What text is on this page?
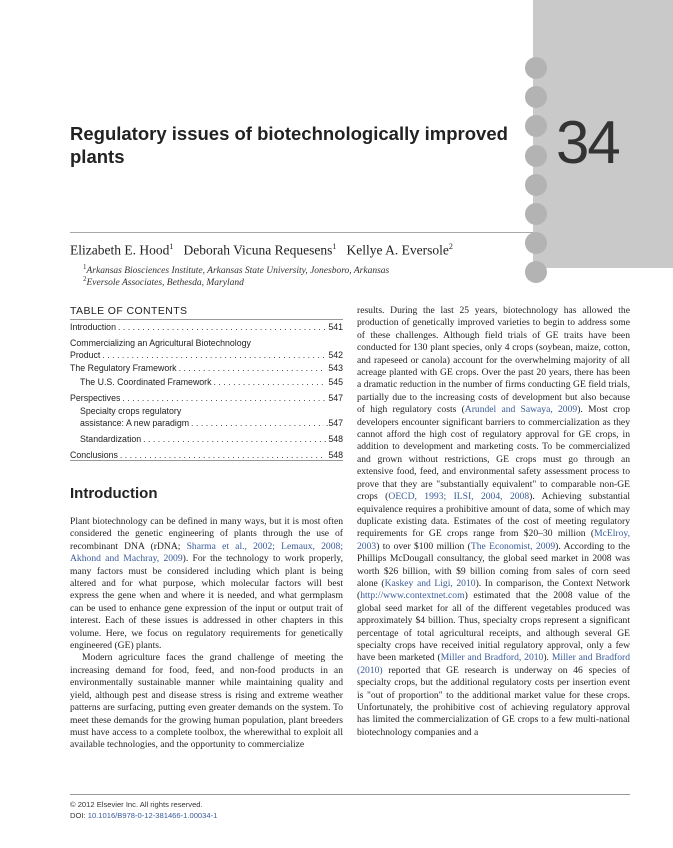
34
Regulatory issues of biotechnologically improved plants
Elizabeth E. Hood$^1$ Deborah Vicuna Requesens$^1$ Kellye A. Eversole$^2$
$^1$Arkansas Biosciences Institute, Arkansas State University, Jonesboro, Arkansas
$^2$Eversole Associates, Bethesda, Maryland
TABLE OF CONTENTS
Introduction . . .	541
Commercializing an Agricultural Biotechnology
Product . . .	542
The Regulatory Framework . . .	543
The U.S. Coordinated Framework . . .	545
Perspectives . . .	547
Specialty crops regulatory
assistance: A new paradigm . . .	.547
Standardization . . .	548
Conclusions . . .	548
Introduction

Plant biotechnology can be defined in many ways, but it is most often considered the genetic engineering of plants through the use of recombinant DNA (rDNA; Sharma et al., 2002; Lemaux, 2008; Akhond and Machray, 2009). For the technology to work properly, many factors must be considered including which plant is being altered and for what purpose, which molecular factors will best express the gene when and where it is needed, and what germplasm can be used to enhance gene expression of the input or output trait of interest. Each of these issues is addressed in other chapters in this volume. Here, we focus on regulatory requirements for genetically engineered (GE) plants.

Modern agriculture faces the grand challenge of meeting the increasing demand for food, feed, and non-food products in an environmentally sustainable manner while maintaining quality and yield, although pest and disease stress is rising and extreme weather patterns are surfacing, putting even greater demands on the system. To meet these demands for the growing human population, plant breeders must have access to a complete toolbox, the wherewithal to exploit all available technologies, and the opportunity to commercialize

results. During the last 25 years, biotechnology has allowed the production of genetically improved varieties to begin to address some of these challenges. Although field trials of GE traits have been conducted for 130 plant species, only 4 crops (soybean, maize, cotton, and rapeseed or canola) account for the overwhelming majority of all acreage planted with GE crops. Over the past 20 years, there has been a dramatic reduction in the number of firms conducting GE field trials, partially due to the increasing costs of development but also because of high regulatory costs (Arundel and Sawaya, 2009). Most crop developers encounter significant barriers to commercialization as they cannot afford the high cost of regulatory approval for GE crops, in addition to development and marketing costs. To be commercialized and grown without restrictions, GE crops must go through an extensive food, feed, and environmental safety assessment process to prove that they are "substantially equivalent" to comparable non-GE crops (OECD, 1993; ILSI, 2004, 2008). Achieving substantial equivalence requires a prohibitive amount of data, some of which may duplicate existing data. Estimates of the cost of meeting regulatory requirements for GE crops range from $20–30 million (McElroy, 2003) to over $100 million (The Economist, 2009). According to the Phillips McDougall consultancy, the global seed market in 2008 was worth $26 billion, with $9 billion coming from sales of corn seed alone (Kaskey and Ligi, 2010). In comparison, the Context Network (http://www.contextnet.com) estimated that the 2008 value of the global seed market for all of the different vegetables produced was approximately $4 billion. Thus, specialty crops represent a significant percentage of total agricultural receipts, and although several GE specialty crops have received initial regulatory approval, only a few have been marketed (Miller and Bradford, 2010). Miller and Bradford (2010) reported that GE research is underway on 46 species of specialty crops, but the additional regulatory costs per insertion event is "out of proportion" to the additional market value for these crops. Unfortunately, the prohibitive cost of achieving regulatory approval has limited the commercialization of GE crops to a few multi-national biotechnology companies and a

© 2012 Elsevier Inc. All rights reserved.
DOI: 10.1016/B978-0-12-381466-1.00034-1
